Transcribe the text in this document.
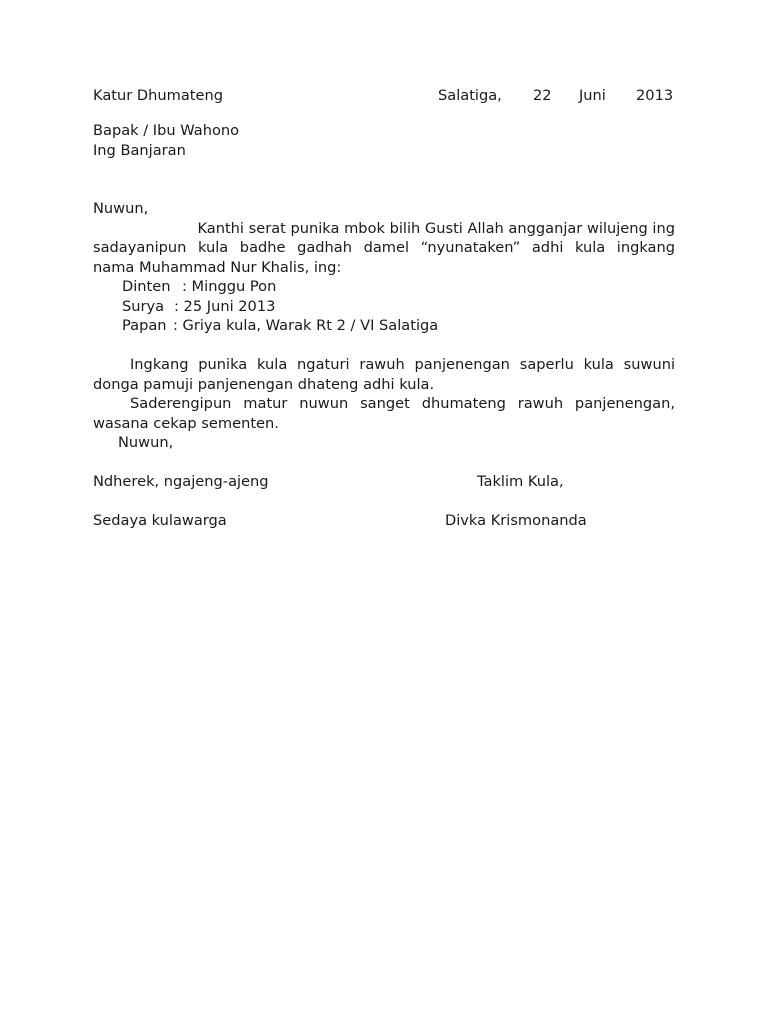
Katur Dhumateng	Salatiga, 22 Juni 2013
Bapak / Ibu Wahono
Ing Banjaran
Nuwun,
Kanthi serat punika mbok bilih Gusti Allah angganjar wilujeng ing
sadayanipun kula badhe gadhah damel “nyunataken” adhi kula ingkang
nama Muhammad Nur Khalis, ing:
Dinten : Minggu Pon
Surya : 25 Juni 2013
Papan : Griya kula, Warak Rt 2 / VI Salatiga
Ingkang punika kula ngaturi rawuh panjenengan saperlu kula suwuni
donga pamuji panjenengan dhateng adhi kula.
Saderengipun matur nuwun sanget dhumateng rawuh panjenengan,
wasana cekap sementen.
Nuwun,
Ndherek, ngajeng-ajeng	Taklim Kula,
Sedaya kulawarga	Divka Krismonanda
